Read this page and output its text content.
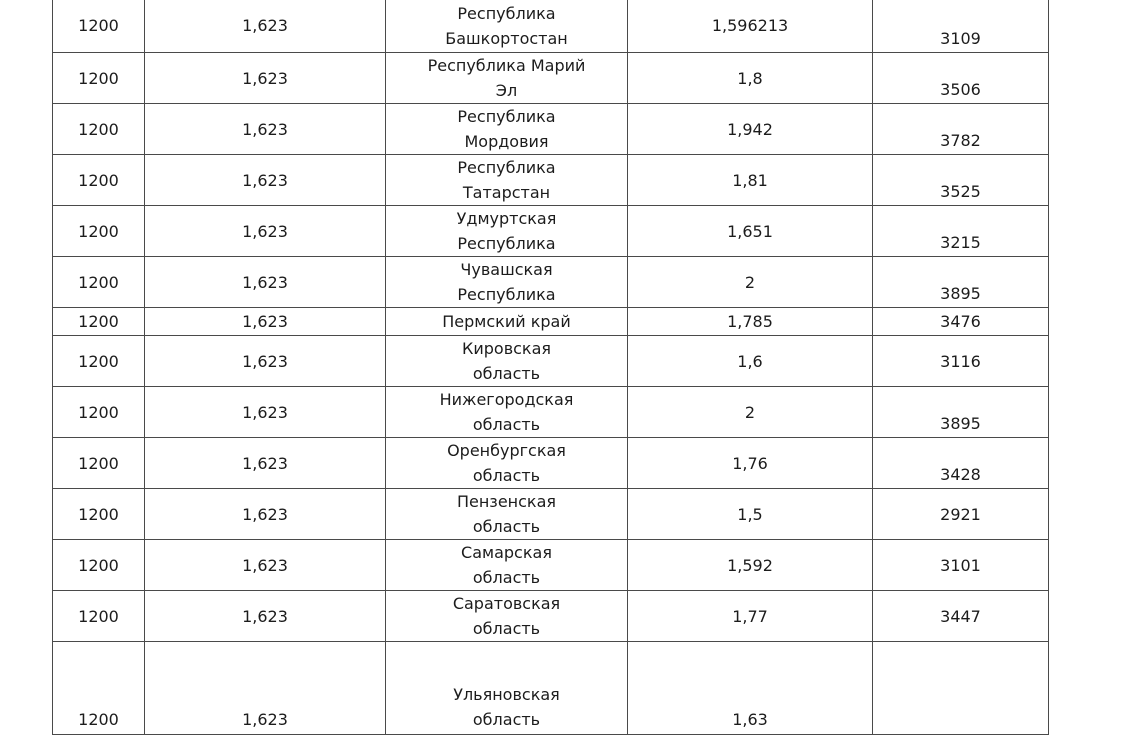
1200	1,623	Республика Башкортостан	1,596213	3109
1200	1,623	Республика Марий Эл	1,8	3506
1200	1,623	Республика Мордовия	1,942	3782
1200	1,623	Республика Татарстан	1,81	3525
1200	1,623	Удмуртская Республика	1,651	3215
1200	1,623	Чувашская Республика	2	3895
1200	1,623	Пермский край	1,785	3476
1200	1,623	Кировская область	1,6	3116
1200	1,623	Нижегородская область	2	3895
1200	1,623	Оренбургская область	1,76	3428
1200	1,623	Пензенская область	1,5	2921
1200	1,623	Самарская область	1,592	3101
1200	1,623	Саратовская область	1,77	3447
1200	1,623	Ульяновская область	1,63	
